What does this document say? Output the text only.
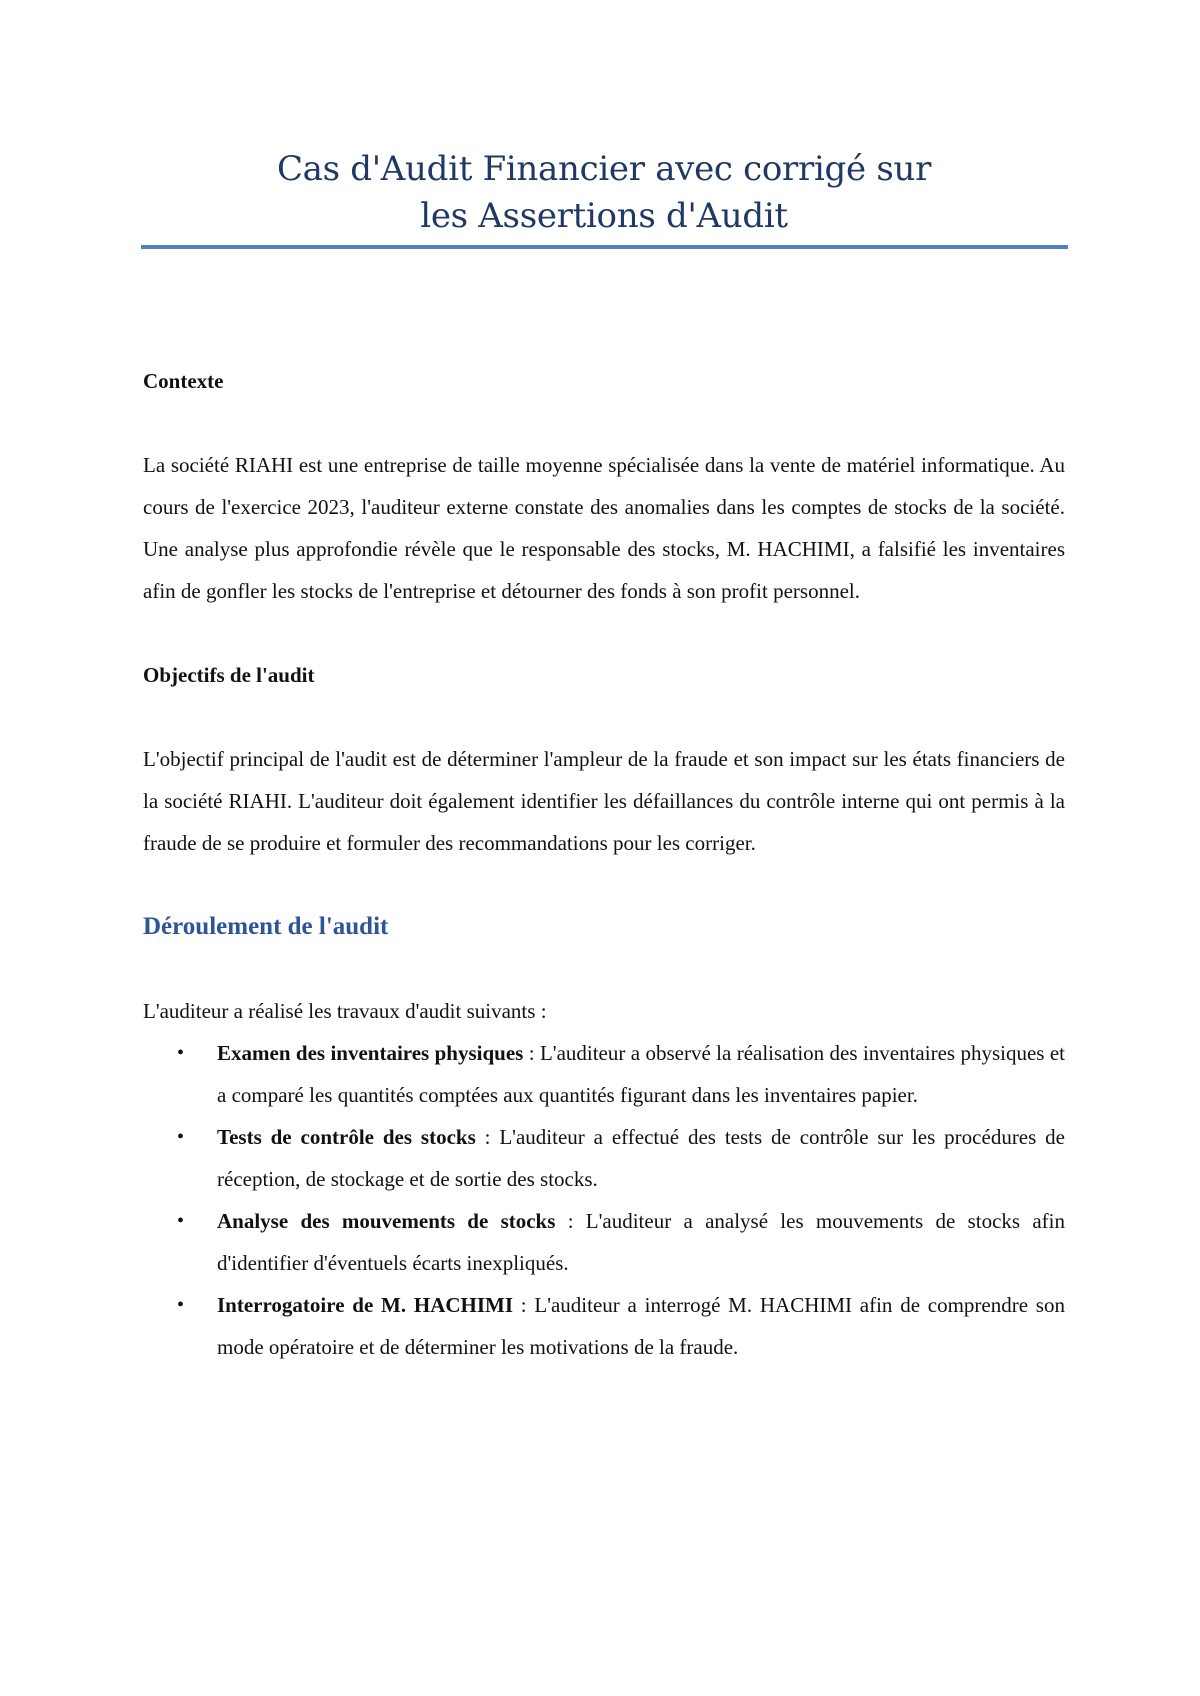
Cas d'Audit Financier avec corrigé sur
les Assertions d'Audit
Contexte

La société RIAHI est une entreprise de taille moyenne spécialisée dans la vente de matériel informatique. Au cours de l'exercice 2023, l'auditeur externe constate des anomalies dans les comptes de stocks de la société. Une analyse plus approfondie révèle que le responsable des stocks, M. HACHIMI, a falsifié les inventaires afin de gonfler les stocks de l'entreprise et détourner des fonds à son profit personnel.

Objectifs de l'audit

L'objectif principal de l'audit est de déterminer l'ampleur de la fraude et son impact sur les états financiers de la société RIAHI. L'auditeur doit également identifier les défaillances du contrôle interne qui ont permis à la fraude de se produire et formuler des recommandations pour les corriger.

Déroulement de l'audit

L'auditeur a réalisé les travaux d'audit suivants :

• Examen des inventaires physiques : L'auditeur a observé la réalisation des inventaires physiques et a comparé les quantités comptées aux quantités figurant dans les inventaires papier.
• Tests de contrôle des stocks : L'auditeur a effectué des tests de contrôle sur les procédures de réception, de stockage et de sortie des stocks.
• Analyse des mouvements de stocks : L'auditeur a analysé les mouvements de stocks afin d'identifier d'éventuels écarts inexpliqués.
• Interrogatoire de M. HACHIMI : L'auditeur a interrogé M. HACHIMI afin de comprendre son mode opératoire et de déterminer les motivations de la fraude.
